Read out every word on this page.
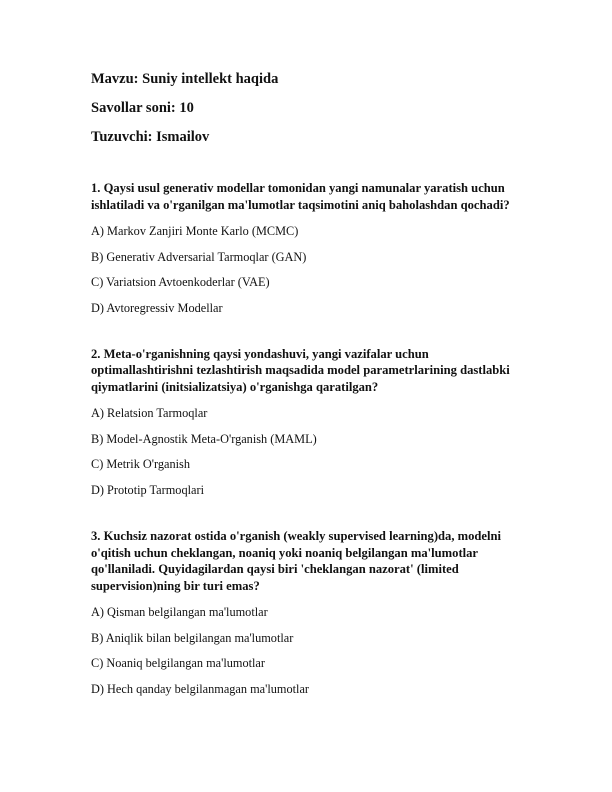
Mavzu: Suniy intellekt haqida
Savollar soni: 10
Tuzuvchi: Ismailov
1. Qaysi usul generativ modellar tomonidan yangi namunalar yaratish uchun ishlatiladi va o'rganilgan ma'lumotlar taqsimotini aniq baholashdan qochadi?
A) Markov Zanjiri Monte Karlo (MCMC)
B) Generativ Adversarial Tarmoqlar (GAN)
C) Variatsion Avtoenkoderlar (VAE)
D) Avtoregressiv Modellar
2. Meta-o'rganishning qaysi yondashuvi, yangi vazifalar uchun optimallashtirishni tezlashtirish maqsadida model parametrlarining dastlabki qiymatlarini (initsializatsiya) o'rganishga qaratilgan?
A) Relatsion Tarmoqlar
B) Model-Agnostik Meta-O'rganish (MAML)
C) Metrik O'rganish
D) Prototip Tarmoqlari
3. Kuchsiz nazorat ostida o'rganish (weakly supervised learning)da, modelni o'qitish uchun cheklangan, noaniq yoki noaniq belgilangan ma'lumotlar qo'llaniladi. Quyidagilardan qaysi biri 'cheklangan nazorat' (limited supervision)ning bir turi emas?
A) Qisman belgilangan ma'lumotlar
B) Aniqlik bilan belgilangan ma'lumotlar
C) Noaniq belgilangan ma'lumotlar
D) Hech qanday belgilanmagan ma'lumotlar
